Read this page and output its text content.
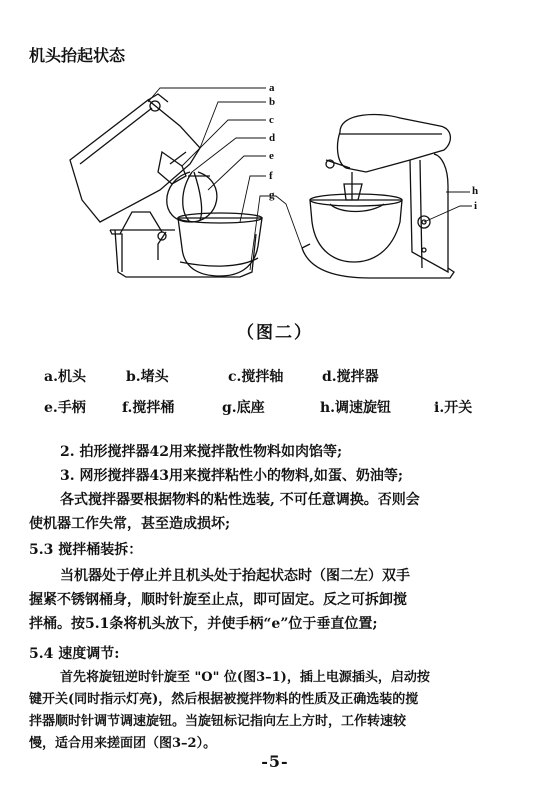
机头抬起状态
a
b
c
d
e
f
g	h
i
（图二）
a.机头	b.堵头	c.搅拌轴	d.搅拌器
e.手柄	f.搅拌桶	g.底座	h.调速旋钮	i.开关
2. 拍形搅拌器42用来搅拌散性物料如肉馅等;
3. 网形搅拌器43用来搅拌粘性小的物料,如蛋、奶油等;
各式搅拌器要根据物料的粘性选装, 不可任意调换。否则会
使机器工作失常，甚至造成损坏;
5.3 搅拌桶装拆：
当机器处于停止并且机头处于抬起状态时（图二左）双手
握紧不锈钢桶身，顺时针旋至止点，即可固定。反之可拆卸搅
拌桶。按5.1条将机头放下，并使手柄“e”位于垂直位置;
5.4 速度调节:
首先将旋钮逆时针旋至 "O" 位(图3–1)，插上电源插头，启动按
键开关(同时指示灯亮)，然后根据被搅拌物料的性质及正确选装的搅
拌器顺时针调节调速旋钮。当旋钮标记指向左上方时，工作转速较
慢，适合用来搓面团（图3–2）。
-5-
